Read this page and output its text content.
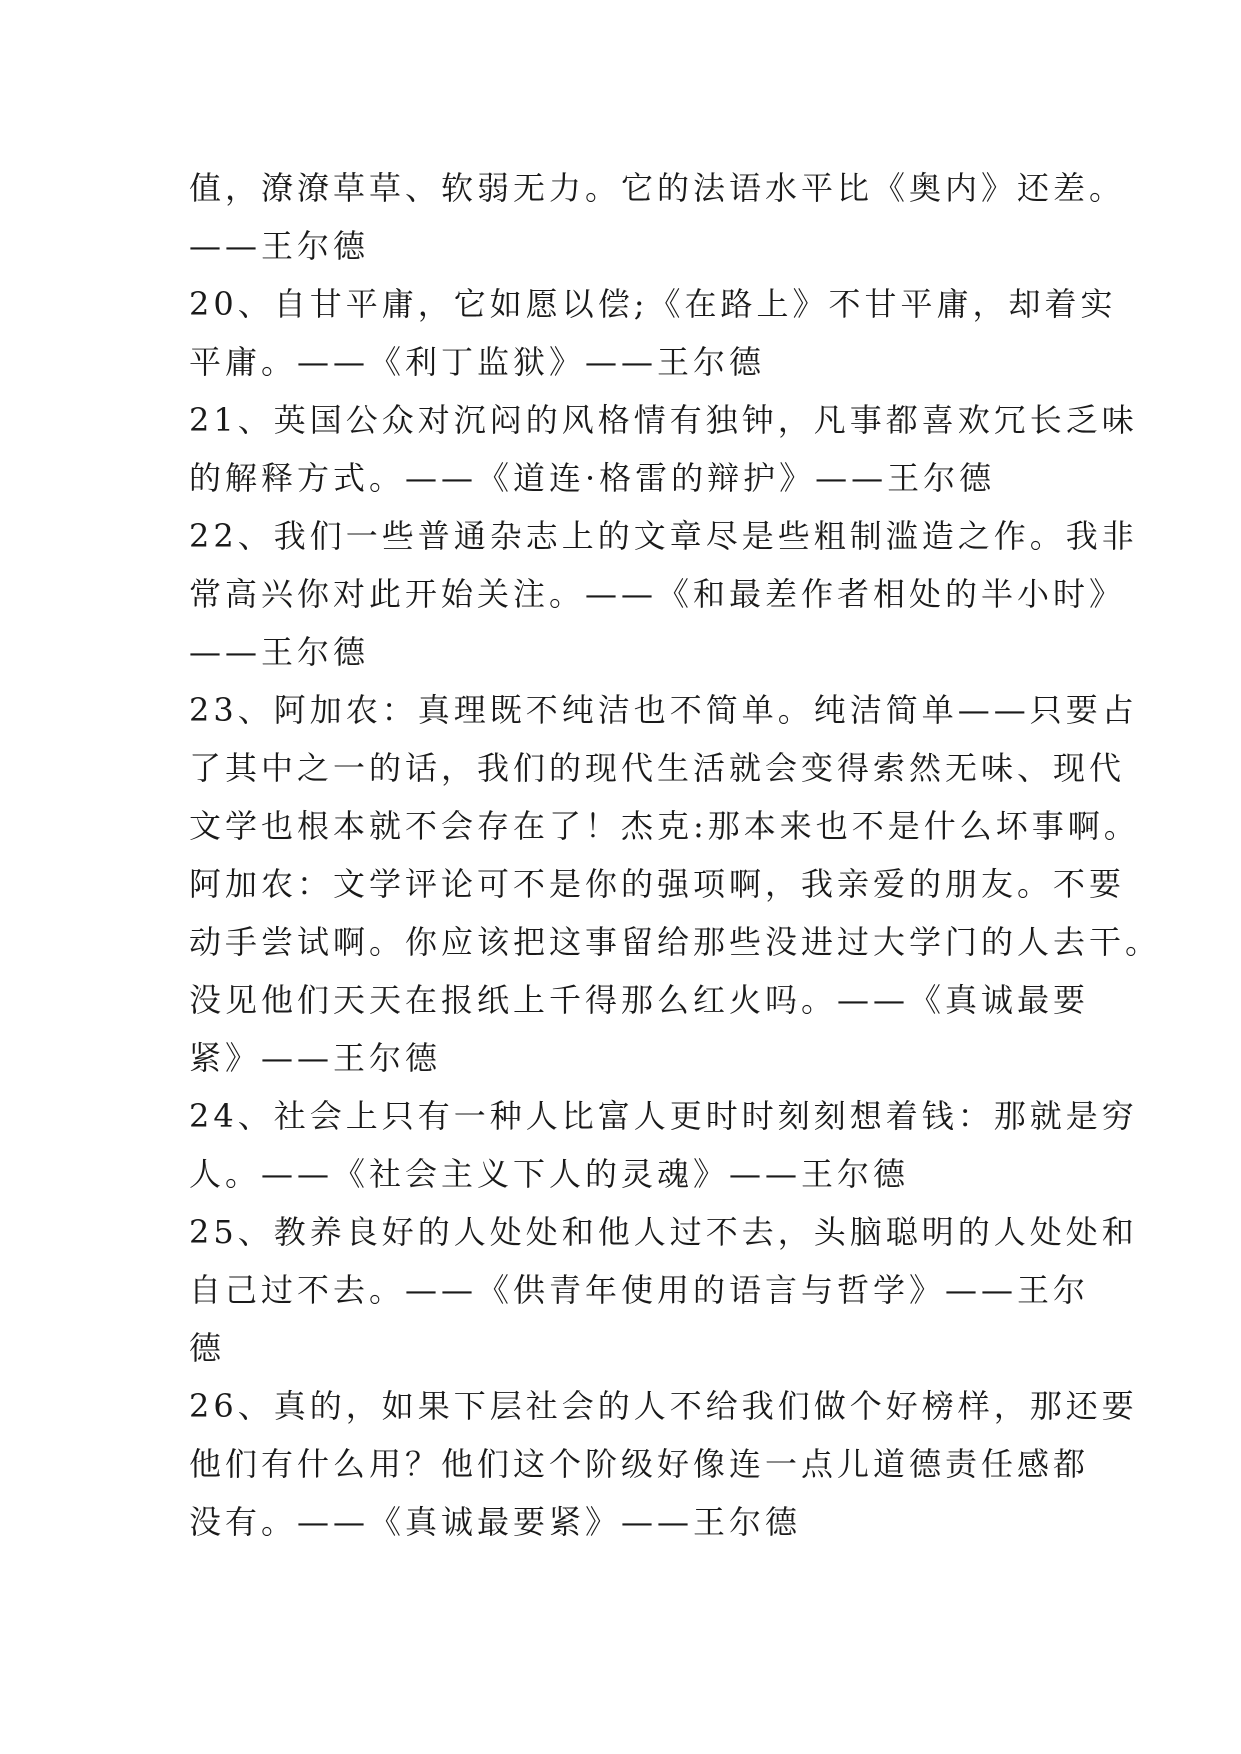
值，潦潦草草、软弱无力。它的法语水平比《奥内》还差。
——王尔德
20、自甘平庸，它如愿以偿;《在路上》不甘平庸，却着实
平庸。——《利丁监狱》——王尔德
21、英国公众对沉闷的风格情有独钟，凡事都喜欢冗长乏味
的解释方式。——《道连·格雷的辩护》——王尔德
22、我们一些普通杂志上的文章尽是些粗制滥造之作。我非
常高兴你对此开始关注。——《和最差作者相处的半小时》
——王尔德
23、阿加农：真理既不纯洁也不简单。纯洁简单——只要占
了其中之一的话，我们的现代生活就会变得索然无味、现代
文学也根本就不会存在了！杰克:那本来也不是什么坏事啊。
阿加农：文学评论可不是你的强项啊，我亲爱的朋友。不要
动手尝试啊。你应该把这事留给那些没进过大学门的人去干。
没见他们天天在报纸上千得那么红火吗。——《真诚最要
紧》——王尔德
24、社会上只有一种人比富人更时时刻刻想着钱：那就是穷
人。——《社会主义下人的灵魂》——王尔德
25、教养良好的人处处和他人过不去，头脑聪明的人处处和
自己过不去。——《供青年使用的语言与哲学》——王尔
德
26、真的，如果下层社会的人不给我们做个好榜样，那还要
他们有什么用？他们这个阶级好像连一点儿道德责任感都
没有。——《真诚最要紧》——王尔德
